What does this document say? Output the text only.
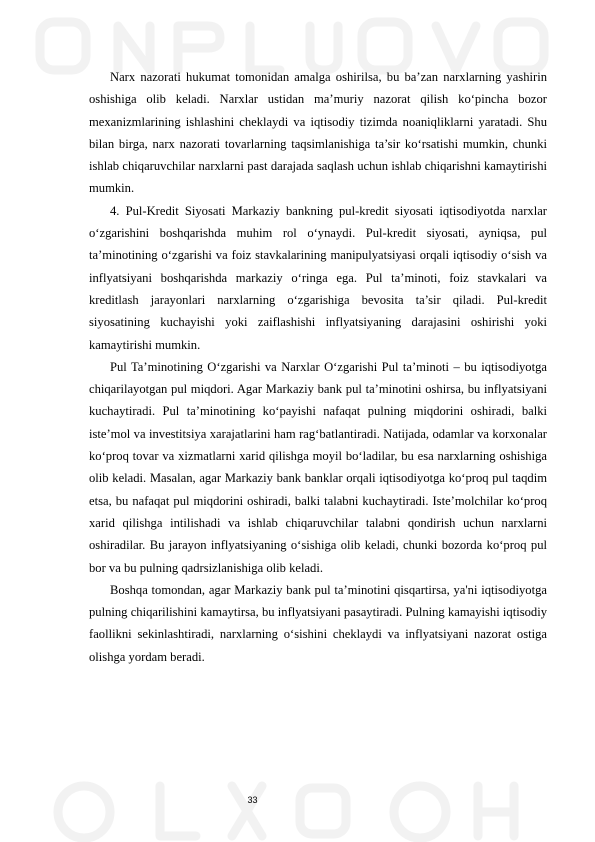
Narx nazorati hukumat tomonidan amalga oshirilsa, bu ba’zan narxlarning yashirin oshishiga olib keladi. Narxlar ustidan ma’muriy nazorat qilish ko‘pincha bozor mexanizmlarining ishlashini cheklaydi va iqtisodiy tizimda noaniqliklarni yaratadi. Shu bilan birga, narx nazorati tovarlarning taqsimlanishiga ta’sir ko‘rsatishi mumkin, chunki ishlab chiqaruvchilar narxlarni past darajada saqlash uchun ishlab chiqarishni kamaytirishi mumkin.

4. Pul-Kredit Siyosati Markaziy bankning pul-kredit siyosati iqtisodiyotda narxlar o‘zgarishini boshqarishda muhim rol o‘ynaydi. Pul-kredit siyosati, ayniqsa, pul ta’minotining o‘zgarishi va foiz stavkalarining manipulyatsiyasi orqali iqtisodiy o‘sish va inflyatsiyani boshqarishda markaziy o‘ringa ega. Pul ta’minoti, foiz stavkalari va kreditlash jarayonlari narxlarning o‘zgarishiga bevosita ta’sir qiladi. Pul-kredit siyosatining kuchayishi yoki zaiflashishi inflyatsiyaning darajasini oshirishi yoki kamaytirishi mumkin.

Pul Ta’minotining O‘zgarishi va Narxlar O‘zgarishi Pul ta’minoti – bu iqtisodiyotga chiqarilayotgan pul miqdori. Agar Markaziy bank pul ta’minotini oshirsa, bu inflyatsiyani kuchaytiradi. Pul ta’minotining ko‘payishi nafaqat pulning miqdorini oshiradi, balki iste’mol va investitsiya xarajatlarini ham rag‘batlantiradi. Natijada, odamlar va korxonalar ko‘proq tovar va xizmatlarni xarid qilishga moyil bo‘ladilar, bu esa narxlarning oshishiga olib keladi. Masalan, agar Markaziy bank banklar orqali iqtisodiyotga ko‘proq pul taqdim etsa, bu nafaqat pul miqdorini oshiradi, balki talabni kuchaytiradi. Iste’molchilar ko‘proq xarid qilishga intilishadi va ishlab chiqaruvchilar talabni qondirish uchun narxlarni oshiradilar. Bu jarayon inflyatsiyaning o‘sishiga olib keladi, chunki bozorda ko‘proq pul bor va bu pulning qadrsizlanishiga olib keladi.

Boshqa tomondan, agar Markaziy bank pul ta’minotini qisqartirsa, ya'ni iqtisodiyotga pulning chiqarilishini kamaytirsa, bu inflyatsiyani pasaytiradi. Pulning kamayishi iqtisodiy faollikni sekinlashtiradi, narxlarning o‘sishini cheklaydi va inflyatsiyani nazorat ostiga olishga yordam beradi.

33
